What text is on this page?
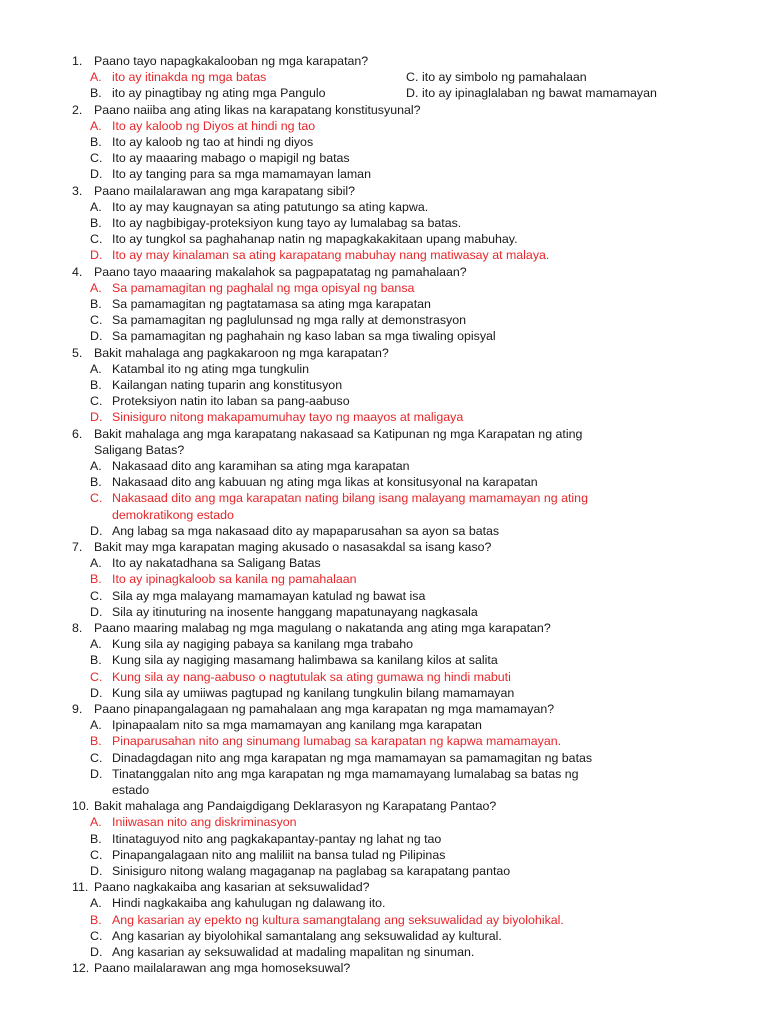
1. Paano tayo napagkakalooban ng mga karapatan?
A. ito ay itinakda ng mga batas
B. ito ay pinagtibay ng ating mga Pangulo
C. ito ay simbolo ng pamahalaan
D. ito ay ipinaglalaban ng bawat mamamayan
2. Paano naiiba ang ating likas na karapatang konstitusyunal?
A. Ito ay kaloob ng Diyos at hindi ng tao
B. Ito ay kaloob ng tao at hindi ng diyos
C. Ito ay maaaring mabago o mapigil ng batas
D. Ito ay tanging para sa mga mamamayan laman
3. Paano mailalarawan ang mga karapatang sibil?
A. Ito ay may kaugnayan sa ating patutungo sa ating kapwa.
B. Ito ay nagbibigay-proteksiyon kung tayo ay lumalabag sa batas.
C. Ito ay tungkol sa paghahanap natin ng mapagkakakitaan upang mabuhay.
D. Ito ay may kinalaman sa ating karapatang mabuhay nang matiwasay at malaya.
4. Paano tayo maaaring makalahok sa pagpapatatag ng pamahalaan?
A. Sa pamamagitan ng paghalal ng mga opisyal ng bansa
B. Sa pamamagitan ng pagtatamasa sa ating mga karapatan
C. Sa pamamagitan ng paglulunsad ng mga rally at demonstrasyon
D. Sa pamamagitan ng paghahain ng kaso laban sa mga tiwaling opisyal
5. Bakit mahalaga ang pagkakaroon ng mga karapatan?
A. Katambal ito ng ating mga tungkulin
B. Kailangan nating tuparin ang konstitusyon
C. Proteksiyon natin ito laban sa pang-aabuso
D. Sinisiguro nitong makapamumuhay tayo ng maayos at maligaya
6. Bakit mahalaga ang mga karapatang nakasaad sa Katipunan ng mga Karapatan ng ating
Saligang Batas?
A. Nakasaad dito ang karamihan sa ating mga karapatan
B. Nakasaad dito ang kabuuan ng ating mga likas at konsitusyonal na karapatan
C. Nakasaad dito ang mga karapatan nating bilang isang malayang mamamayan ng ating
demokratikong estado
D. Ang labag sa mga nakasaad dito ay mapaparusahan sa ayon sa batas
7. Bakit may mga karapatan maging akusado o nasasakdal sa isang kaso?
A. Ito ay nakatadhana sa Saligang Batas
B. Ito ay ipinagkaloob sa kanila ng pamahalaan
C. Sila ay mga malayang mamamayan katulad ng bawat isa
D. Sila ay itinuturing na inosente hanggang mapatunayang nagkasala
8. Paano maaring malabag ng mga magulang o nakatanda ang ating mga karapatan?
A. Kung sila ay nagiging pabaya sa kanilang mga trabaho
B. Kung sila ay nagiging masamang halimbawa sa kanilang kilos at salita
C. Kung sila ay nang-aabuso o nagtutulak sa ating gumawa ng hindi mabuti
D. Kung sila ay umiiwas pagtupad ng kanilang tungkulin bilang mamamayan
9. Paano pinapangalagaan ng pamahalaan ang mga karapatan ng mga mamamayan?
A. Ipinapaalam nito sa mga mamamayan ang kanilang mga karapatan
B. Pinaparusahan nito ang sinumang lumabag sa karapatan ng kapwa mamamayan.
C. Dinadagdagan nito ang mga karapatan ng mga mamamayan sa pamamagitan ng batas
D. Tinatanggalan nito ang mga karapatan ng mga mamamayang lumalabag sa batas ng
estado
10. Bakit mahalaga ang Pandaigdigang Deklarasyon ng Karapatang Pantao?
A. Iniiwasan nito ang diskriminasyon
B. Itinataguyod nito ang pagkakapantay-pantay ng lahat ng tao
C. Pinapangalagaan nito ang maliliit na bansa tulad ng Pilipinas
D. Sinisiguro nitong walang magaganap na paglabag sa karapatang pantao
11. Paano nagkakaiba ang kasarian at seksuwalidad?
A. Hindi nagkakaiba ang kahulugan ng dalawang ito.
B. Ang kasarian ay epekto ng kultura samangtalang ang seksuwalidad ay biyolohikal.
C. Ang kasarian ay biyolohikal samantalang ang seksuwalidad ay kultural.
D. Ang kasarian ay seksuwalidad at madaling mapalitan ng sinuman.
12. Paano mailalarawan ang mga homoseksuwal?
